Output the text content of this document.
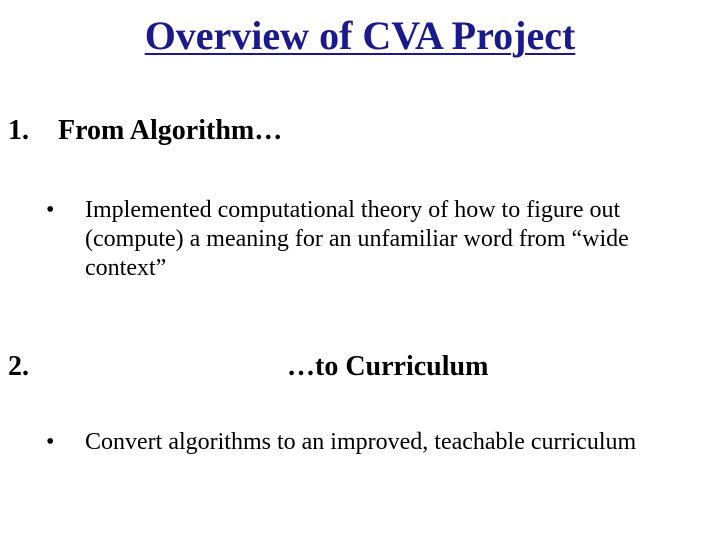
Overview of CVA Project
1. From Algorithm…
• Implemented computational theory of how to figure out (compute) a meaning for an unfamiliar word from “wide context”
2.	…to Curriculum
• Convert algorithms to an improved, teachable curriculum
